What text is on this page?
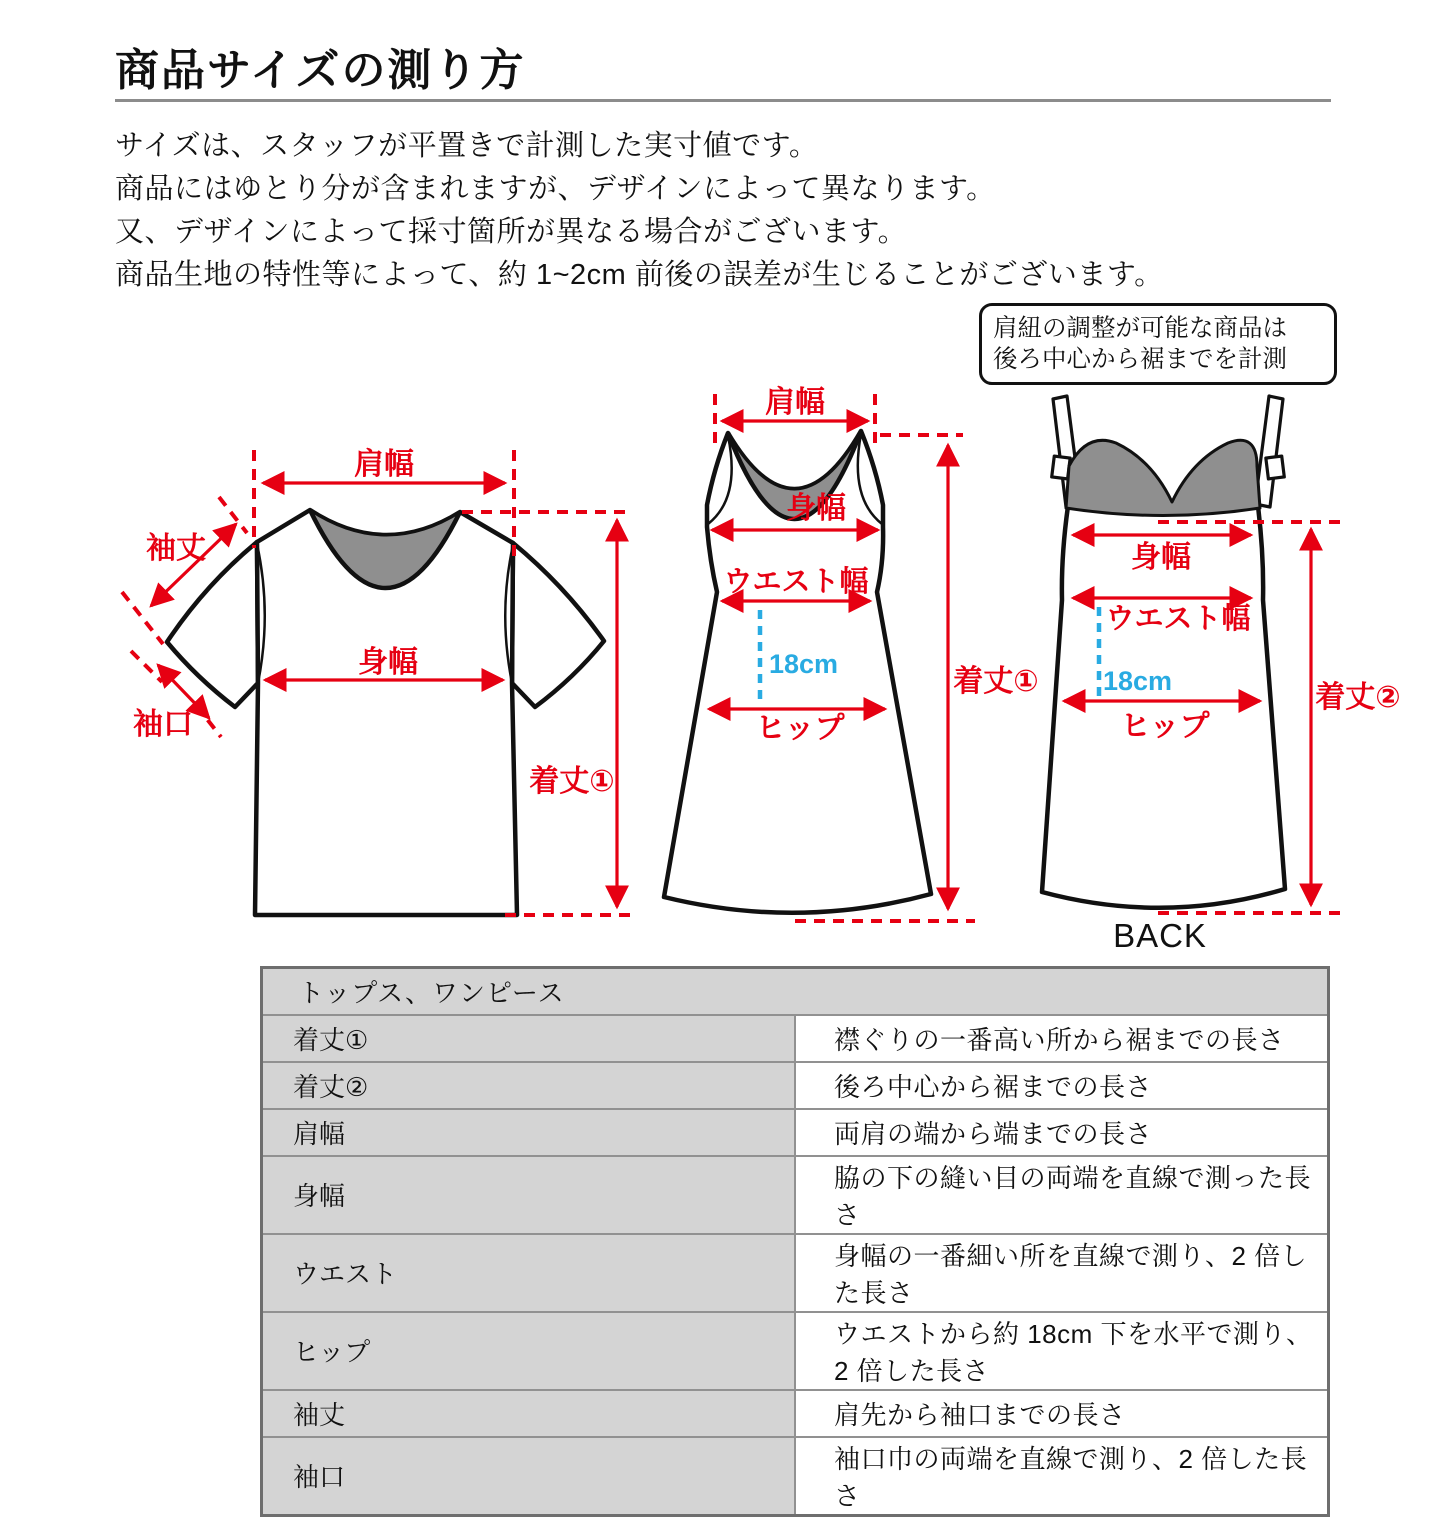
商品サイズの測り方

サイズは、スタッフが平置きで計測した実寸値です。

商品にはゆとり分が含まれますが、デザインによって異なります。

又、デザインによって採寸箇所が異なる場合がございます。

商品生地の特性等によって、約 1~2cm 前後の誤差が生じることがございます。

肩紐の調整が可能な商品は
後ろ中心から裾までを計測
肩幅
袖丈
袖口
身幅
着丈①
肩幅
身幅
ウエスト幅
18cm
ヒップ
着丈①
身幅
ウエスト幅
18cm
ヒップ
着丈②
BACK
トップス、ワンピース	
着丈①	襟ぐりの一番高い所から裾までの長さ
着丈②	後ろ中心から裾までの長さ
肩幅	両肩の端から端までの長さ
身幅	脇の下の縫い目の両端を直線で測った長さ
ウエスト	身幅の一番細い所を直線で測り、2 倍した長さ
ヒップ	ウエストから約 18cm 下を水平で測り、2 倍した長さ
袖丈	肩先から袖口までの長さ
袖口	袖口巾の両端を直線で測り、2 倍した長さ
